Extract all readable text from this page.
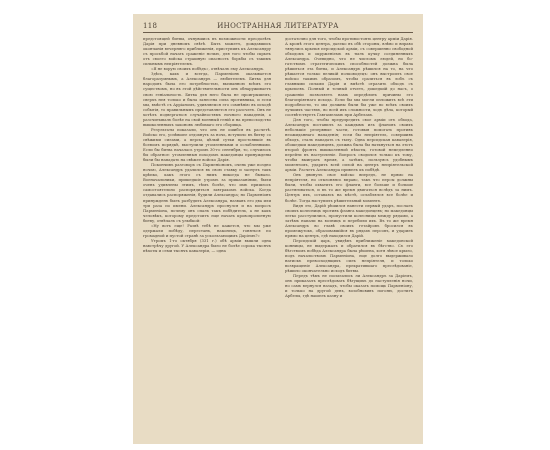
118	ИНОСТРАННАЯ ЛИТЕРАТУРА

предстоящей битвы, очнувшись въ возможности преодолѣть Дарія при дневномъ свѣтѣ. Быть можетъ, дождавшись окончанія вечерняго приближенія, приступивъ къ Александру съ просьбой начать сраженіе ночью, для того чтобы скрыть отъ своего войска страшную опасность борьбы съ такимъ сильнымъ непріятелемъ.

«Я не ворую своихъ побѣдъ», отвѣчалъ ему Александръ.

Здѣсь, какъ и всегда, Парменіонъ оказывается благоразумнымъ, а Александръ — любителемъ. Битва для народовъ была его потребностью, вызванною всѣмъ его существомъ, но въ этой дѣйствительности онъ обнаруживаетъ свою геніальность. Битва для него была не проигрышемъ; сверхъ нея только и была занесена сила противника, и если мы, вмѣстѣ съ Арріаномъ, удивляемся его сомнѣнію въ исходѣ событія, то правильнымъ представляется его разсчетъ. Онъ не хотѣлъ подвергаться случайностямъ ночного нападенія, а разсчитывалъ болѣе на свой военный геній и на превосходство вышколенныхъ законовъ любимаго его сборища.

Результаты показали, что онъ не ошибся въ расчетѣ. Войско его, успѣвшее отдохнуть за ночь, вступило въ битву со свѣжими силами, а персы, цѣлый сутки простоявшіе въ боевомъ порядкѣ, выступили утомленными и ослабленными. Если бы битва началась утромъ 30-го сентября, то, случилось бы обратное: утомленныя походомъ македонцы принуждены были бы нападать на свѣжее войско Дарія.

Покончивъ разговоръ съ Парменіономъ, очень уже поздно ночью, Александръ удалился въ свою ставку и заснулъ такъ крѣпко, какъ этого съ нимъ никогда не бывало. Военачальники, пришедшіе утромъ за приказаніями, были очень удивлены этимъ, тѣмъ болѣе, что имъ пришлось самостоятельно распорядиться завтракомъ войска. Когда отдавались распоряженія, будили Александра; но Парменіонъ принужденъ былъ разбудить Александра, назвавъ его два или три раза по имени. Александръ проснулся и на вопросъ Парменіона, почему онъ спалъ такъ побѣдитель, а не какъ человѣкъ, которому предстоитъ еще начать кровопролитную битву, отвѣчалъ съ улыбкой:

«Ну вотъ еще! Развѣ тебѣ не кажется, что мы уже одержали побѣду, перестанъ, наконецъ, гоняться по громадной и пустой странѣ за ускользающимъ Даріемъ?»

Утромъ 1-го октября (331 г.) обѣ арміи вышли одна навстрѣчу другой. У Александра было не болѣе сорока тысячъ пѣхоты и семи тысячъ кавалеріи, — одна

достаточно для того, чтобы противостоять центру арміи Дарія. А кромѣ этого центра, далеко въ обѣ стороны, влѣво и вправо тянулись крылья персидской арміи, съ совершенно свободной обходомъ и окруженіемъ въ тылъ кучку соединенныхъ Александра. Очевидно, что не числомъ людей, но бо- гатствомъ стратегическихъ способностей должна была рѣшиться эта битва, и Александръ рѣшился на то, на что рѣшается только великій полководецъ: онъ выстроилъ свое войско такимъ образомъ, чтобы сразиться въ лобъ съ главными силами Дарія и вмѣстѣ отразить обходъ съ крыльевъ. Полный и точный отчетъ, дошедшій до насъ, о сраженіи позволяетъ намъ опредѣлить причины его благопріятнаго исхода. Если бы мы могли изложить всѣ эти подробности, то мы должны были бы уже во всѣхъ своихъ лучшихъ частяхъ, во всей ихъ сложности, ходъ дѣла, который соотвѣтствуетъ Гавгамеламъ при Арбелахъ.

Для того, чтобы предупредить свое арміи отъ обхода, Александръ поставилъ за каждымъ изъ флановъ своихъ небольшіе резервные части, готовыя помогать противъ неожиданнаго нападенія; если бы непріятель, совершивъ обходъ, сталъ нападать съ тылу. Одна персидская кавалерія, обошедши македонцевъ, должна была бы наткнуться на этотъ второй фронтъ вышколенной пѣхоты, готовой немедленно перейти въ наступленіе. Вопросъ сводился только къ тому, чтобы выиграть время, а затѣмъ, пользуясь удобнымъ моментомъ, ударить всей силой на центръ непріятельской арміи. Расчетъ Александра привелъ къ побѣдѣ.

Онъ двинулъ свое войско впередъ, не прямо на непріятеля, но отклоняясь вправо, такъ что персы должны были, чтобы охватить его фланги, все больше и больше растягиваться, и въ то же время двигаться вслѣдъ за нимъ. Центръ ихъ, оставаясь на мѣстѣ, ослаблялся все болѣе и болѣе. Тогда наступилъ рѣшительный моментъ.

Видя это, Дарій рѣшился нанести первый ударъ, послалъ своихъ колесницъ противъ фланга македонцевъ; но македонцы легко расступились, пропустили колесницы между рядами, а затѣмъ напали на возницъ и перебили ихъ. Въ то же время Александръ во главѣ своихъ гетайровъ бросился въ промежутокъ, образовавшійся въ рядахъ персовъ, и ударилъ прямо на центръ, гдѣ находился Дарій.

Персидскій царь, увидѣвъ приближеніе македонской конницы, не выдержалъ и обратился въ бѣгство. Съ его бѣгствомъ побѣда Александра была рѣшена, хотя лѣвое крыло, подъ начальствомъ Парменіона, еще долго выдерживало натискъ превосходящихъ силъ непріятеля, и только возвращеніе Александра, прекратившаго преслѣдованіе, рѣшило окончательно исходъ битвы.

Передъ тѣмъ не посылались ли Александръ за Даріемъ, онъ приказалъ преслѣдовать бѣгущихъ до наступленія ночи, но самъ вернулся назадъ, чтобы оказать помощь Парменіону, и только на другой день, возобновивъ погоню, достигъ Арбелы, гдѣ нашелъ казну и
